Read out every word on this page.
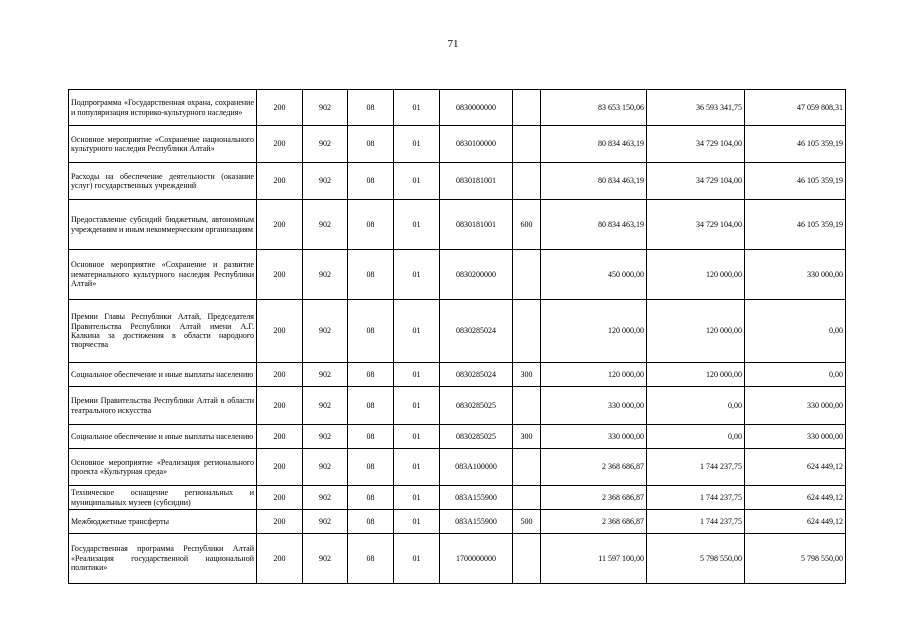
71
Подпрограмма «Государственная охрана, сохранение и популяризация историко-культурного наследия»	200	902	08	01	0830000000		83 653 150,06	36 593 341,75	47 059 808,31
Основное мероприятие «Сохранение национального культурного наследия Республики Алтай»	200	902	08	01	0830100000		80 834 463,19	34 729 104,00	46 105 359,19
Расходы на обеспечение деятельности (оказание услуг) государственных учреждений	200	902	08	01	0830181001		80 834 463,19	34 729 104,00	46 105 359,19
Предоставление субсидий бюджетным, автономным учреждениям и иным некоммерческим организациям	200	902	08	01	0830181001	600	80 834 463,19	34 729 104,00	46 105 359,19
Основное мероприятие «Сохранение и развитие нематериального культурного наследия Республики Алтай»	200	902	08	01	0830200000		450 000,00	120 000,00	330 000,00
Премии Главы Республики Алтай, Председателя Правительства Республики Алтай имени А.Г. Калкина за достижения в области народного творчества	200	902	08	01	0830285024		120 000,00	120 000,00	0,00
Социальное обеспечение и иные выплаты населению	200	902	08	01	0830285024	300	120 000,00	120 000,00	0,00
Премии Правительства Республики Алтай в области театрального искусства	200	902	08	01	0830285025		330 000,00	0,00	330 000,00
Социальное обеспечение и иные выплаты населению	200	902	08	01	0830285025	300	330 000,00	0,00	330 000,00
Основное мероприятие «Реализация регионального проекта «Культурная среда»	200	902	08	01	083A100000		2 368 686,87	1 744 237,75	624 449,12
Техническое оснащение региональных и муниципальных музеев (субсидии)	200	902	08	01	083A155900		2 368 686,87	1 744 237,75	624 449,12
Межбюджетные трансферты	200	902	08	01	083A155900	500	2 368 686,87	1 744 237,75	624 449,12
Государственная программа Республики Алтай «Реализация государственной национальной политики»	200	902	08	01	1700000000		11 597 100,00	5 798 550,00	5 798 550,00
